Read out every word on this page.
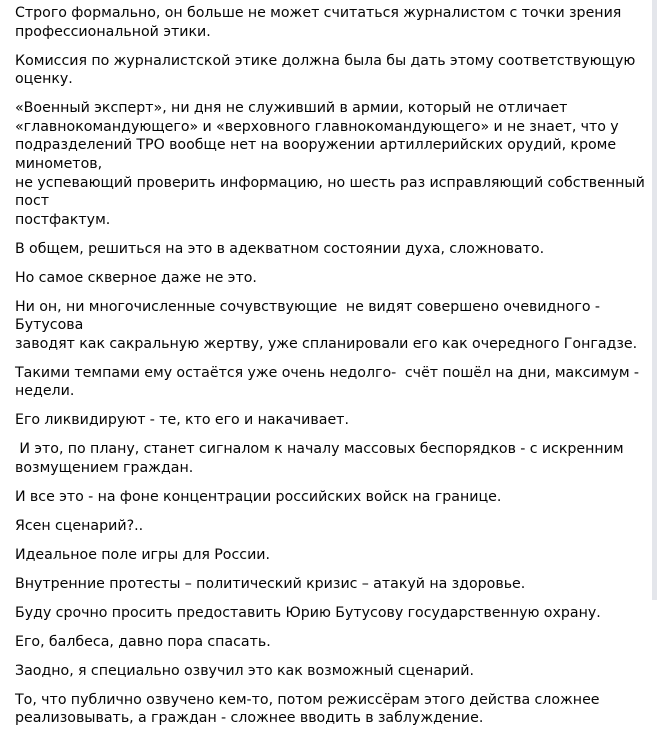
Строго формально, он больше не может считаться журналистом с точки зрения
профессиональной этики.

Комиссия по журналистской этике должна была бы дать этому соответствующую оценку.

«Военный эксперт», ни дня не служивший в армии, который не отличает
«главнокомандующего» и «верховного главнокомандующего» и не знает, что у
подразделений ТРО вообще нет на вооружении артиллерийских орудий, кроме минометов,
не успевающий проверить информацию, но шесть раз исправляющий собственный пост
постфактум.

В общем, решиться на это в адекватном состоянии духа, сложновато.

Но самое скверное даже не это.

Ни он, ни многочисленные сочувствующие  не видят совершено очевидного - Бутусова
заводят как сакральную жертву, уже спланировали его как очередного Гонгадзе.

Такими темпами ему остаётся уже очень недолго-  счёт пошёл на дни, максимум - недели.

Его ликвидируют - те, кто его и накачивает.

И это, по плану, станет сигналом к началу массовых беспорядков - с искренним
возмущением граждан.

И все это - на фоне концентрации российских войск на границе.

Ясен сценарий?..

Идеальное поле игры для России.

Внутренние протесты – политический кризис – атакуй на здоровье.

Буду срочно просить предоставить Юрию Бутусову государственную охрану.

Его, балбеса, давно пора спасать.

Заодно, я специально озвучил это как возможный сценарий.

То, что публично озвучено кем-то, потом режиссёрам этого действа сложнее
реализовывать, а граждан - сложнее вводить в заблуждение.
